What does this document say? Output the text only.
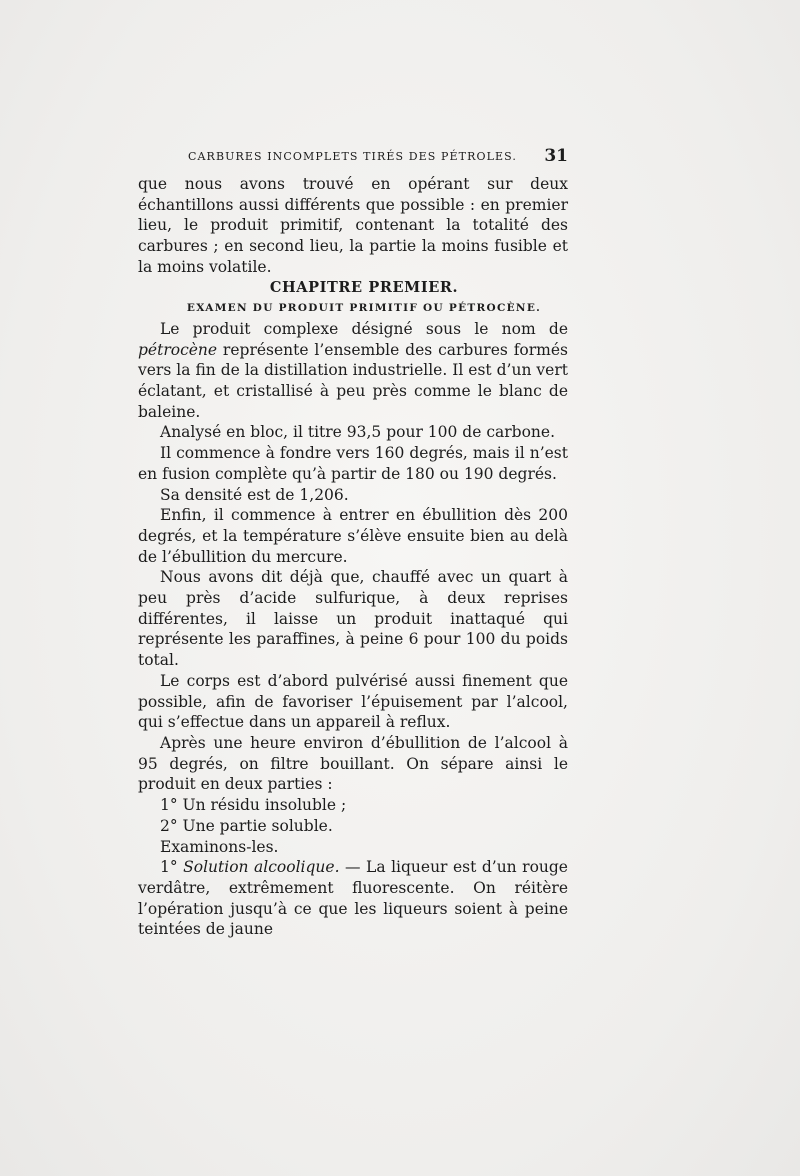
CARBURES INCOMPLETS TIRÉS DES PÉTROLES. 31

que nous avons trouvé en opérant sur deux échantillons aussi différents que possible : en premier lieu, le produit primitif, contenant la totalité des carbures ; en second lieu, la partie la moins fusible et la moins volatile.

CHAPITRE PREMIER.

EXAMEN DU PRODUIT PRIMITIF OU PÉTROCÈNE.

Le produit complexe désigné sous le nom de pétrocène représente l’ensemble des carbures formés vers la fin de la distillation industrielle. Il est d’un vert éclatant, et cristallisé à peu près comme le blanc de baleine.

Analysé en bloc, il titre 93,5 pour 100 de carbone.

Il commence à fondre vers 160 degrés, mais il n’est en fusion complète qu’à partir de 180 ou 190 degrés.

Sa densité est de 1,206.

Enfin, il commence à entrer en ébullition dès 200 degrés, et la température s’élève ensuite bien au delà de l’ébullition du mercure.

Nous avons dit déjà que, chauffé avec un quart à peu près d’acide sulfurique, à deux reprises différentes, il laisse un produit inattaqué qui représente les paraffines, à peine 6 pour 100 du poids total.

Le corps est d’abord pulvérisé aussi finement que possible, afin de favoriser l’épuisement par l’alcool, qui s’effectue dans un appareil à reflux.

Après une heure environ d’ébullition de l’alcool à 95 degrés, on filtre bouillant. On sépare ainsi le produit en deux parties :

1° Un résidu insoluble ;

2° Une partie soluble.

Examinons-les.

1° Solution alcoolique. — La liqueur est d’un rouge verdâtre, extrêmement fluorescente. On réitère l’opération jusqu’à ce que les liqueurs soient à peine teintées de jaune
